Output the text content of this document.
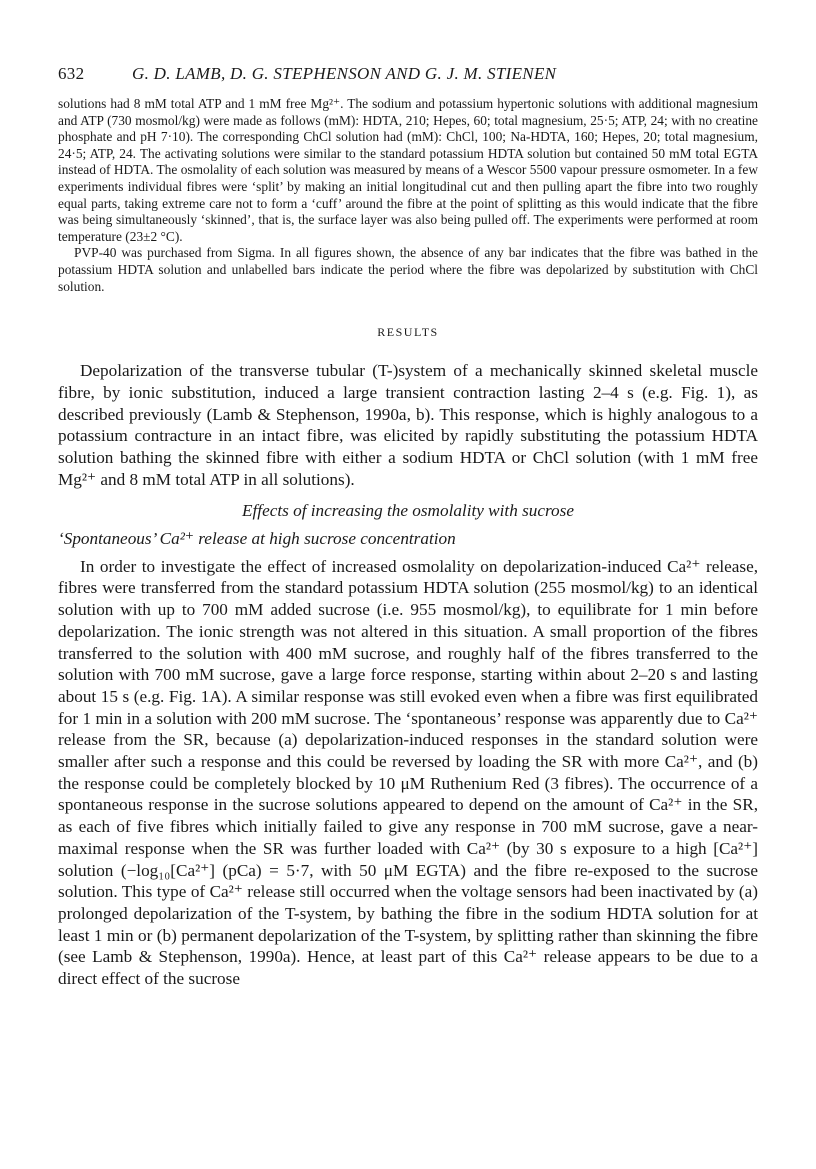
632	G. D. LAMB, D. G. STEPHENSON AND G. J. M. STIENEN

solutions had 8 mM total ATP and 1 mM free Mg²⁺. The sodium and potassium hypertonic solutions with additional magnesium and ATP (730 mosmol/kg) were made as follows (mM): HDTA, 210; Hepes, 60; total magnesium, 25·5; ATP, 24; with no creatine phosphate and pH 7·10). The corresponding ChCl solution had (mM): ChCl, 100; Na-HDTA, 160; Hepes, 20; total magnesium, 24·5; ATP, 24. The activating solutions were similar to the standard potassium HDTA solution but contained 50 mM total EGTA instead of HDTA. The osmolality of each solution was measured by means of a Wescor 5500 vapour pressure osmometer. In a few experiments individual fibres were ‘split’ by making an initial longitudinal cut and then pulling apart the fibre into two roughly equal parts, taking extreme care not to form a ‘cuff’ around the fibre at the point of splitting as this would indicate that the fibre was being simultaneously ‘skinned’, that is, the surface layer was also being pulled off. The experiments were performed at room temperature (23±2 °C).

PVP-40 was purchased from Sigma. In all figures shown, the absence of any bar indicates that the fibre was bathed in the potassium HDTA solution and unlabelled bars indicate the period where the fibre was depolarized by substitution with ChCl solution.

RESULTS

Depolarization of the transverse tubular (T-)system of a mechanically skinned skeletal muscle fibre, by ionic substitution, induced a large transient contraction lasting 2–4 s (e.g. Fig. 1), as described previously (Lamb & Stephenson, 1990a, b). This response, which is highly analogous to a potassium contracture in an intact fibre, was elicited by rapidly substituting the potassium HDTA solution bathing the skinned fibre with either a sodium HDTA or ChCl solution (with 1 mM free Mg²⁺ and 8 mM total ATP in all solutions).

Effects of increasing the osmolality with sucrose
‘Spontaneous’ Ca²⁺ release at high sucrose concentration

In order to investigate the effect of increased osmolality on depolarization-induced Ca²⁺ release, fibres were transferred from the standard potassium HDTA solution (255 mosmol/kg) to an identical solution with up to 700 mM added sucrose (i.e. 955 mosmol/kg), to equilibrate for 1 min before depolarization. The ionic strength was not altered in this situation. A small proportion of the fibres transferred to the solution with 400 mM sucrose, and roughly half of the fibres transferred to the solution with 700 mM sucrose, gave a large force response, starting within about 2–20 s and lasting about 15 s (e.g. Fig. 1A). A similar response was still evoked even when a fibre was first equilibrated for 1 min in a solution with 200 mM sucrose. The ‘spontaneous’ response was apparently due to Ca²⁺ release from the SR, because (a) depolarization-induced responses in the standard solution were smaller after such a response and this could be reversed by loading the SR with more Ca²⁺, and (b) the response could be completely blocked by 10 μM Ruthenium Red (3 fibres). The occurrence of a spontaneous response in the sucrose solutions appeared to depend on the amount of Ca²⁺ in the SR, as each of five fibres which initially failed to give any response in 700 mM sucrose, gave a near-maximal response when the SR was further loaded with Ca²⁺ (by 30 s exposure to a high [Ca²⁺] solution (−log₁₀[Ca²⁺] (pCa) = 5·7, with 50 μM EGTA) and the fibre re-exposed to the sucrose solution. This type of Ca²⁺ release still occurred when the voltage sensors had been inactivated by (a) prolonged depolarization of the T-system, by bathing the fibre in the sodium HDTA solution for at least 1 min or (b) permanent depolarization of the T-system, by splitting rather than skinning the fibre (see Lamb & Stephenson, 1990a). Hence, at least part of this Ca²⁺ release appears to be due to a direct effect of the sucrose
